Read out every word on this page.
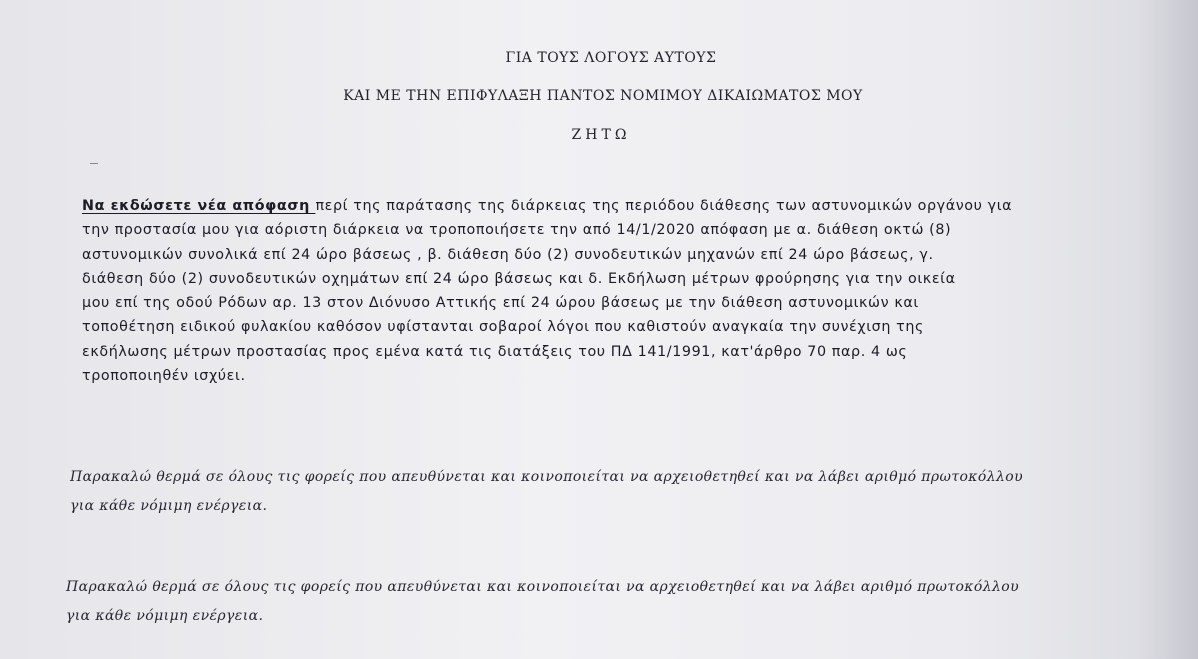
ΓΙΑ ΤΟΥΣ ΛΟΓΟΥΣ ΑΥΤΟΥΣ
ΚΑΙ ΜΕ ΤΗΝ ΕΠΙΦΥΛΑΞΗ ΠΑΝΤΟΣ ΝΟΜΙΜΟΥ ΔΙΚΑΙΩΜΑΤΟΣ ΜΟΥ
ΖΗΤΩ
Να εκδώσετε νέα απόφαση περί της παράτασης της διάρκειας της περιόδου διάθεσης των αστυνομικών οργάνου για
την προστασία μου για αόριστη διάρκεια να τροποποιήσετε την από 14/1/2020 απόφαση με α. διάθεση οκτώ (8)
αστυνομικών συνολικά επί 24 ώρο βάσεως , β. διάθεση δύο (2) συνοδευτικών μηχανών επί 24 ώρο βάσεως, γ.
διάθεση δύο (2) συνοδευτικών οχημάτων επί 24 ώρο βάσεως και δ. Εκδήλωση μέτρων φρούρησης για την οικεία
μου επί της οδού Ρόδων αρ. 13 στον Διόνυσο Αττικής επί 24 ώρου βάσεως με την διάθεση αστυνομικών και
τοποθέτηση ειδικού φυλακίου καθόσον υφίστανται σοβαροί λόγοι που καθιστούν αναγκαία την συνέχιση της
εκδήλωσης μέτρων προστασίας προς εμένα κατά τις διατάξεις του ΠΔ 141/1991, κατ'άρθρο 70 παρ. 4 ως
τροποποιηθέν ισχύει.
Παρακαλώ θερμά σε όλους τις φορείς που απευθύνεται και κοινοποιείται να αρχειοθετηθεί και να λάβει αριθμό πρωτοκόλλου
για κάθε νόμιμη ενέργεια.
Παρακαλώ θερμά σε όλους τις φορείς που απευθύνεται και κοινοποιείται να αρχειοθετηθεί και να λάβει αριθμό πρωτοκόλλου
για κάθε νόμιμη ενέργεια.
